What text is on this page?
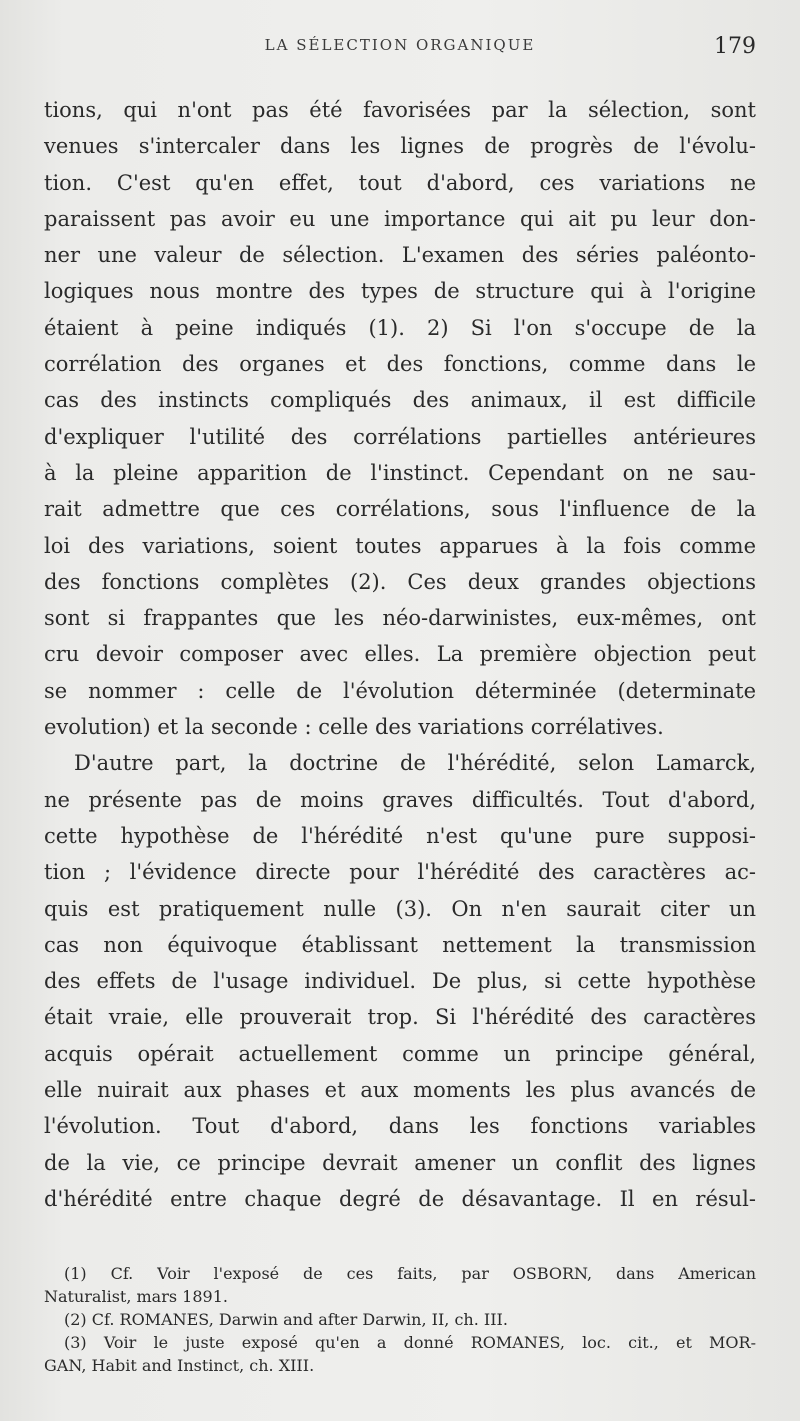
LA SÉLECTION ORGANIQUE	179
tions, qui n'ont pas été favorisées par la sélection, sont
venues s'intercaler dans les lignes de progrès de l'évolu-
tion. C'est qu'en effet, tout d'abord, ces variations ne
paraissent pas avoir eu une importance qui ait pu leur don-
ner une valeur de sélection. L'examen des séries paléonto-
logiques nous montre des types de structure qui à l'origine
étaient à peine indiqués (1). 2) Si l'on s'occupe de la
corrélation des organes et des fonctions, comme dans le
cas des instincts compliqués des animaux, il est difficile
d'expliquer l'utilité des corrélations partielles antérieures
à la pleine apparition de l'instinct. Cependant on ne sau-
rait admettre que ces corrélations, sous l'influence de la
loi des variations, soient toutes apparues à la fois comme
des fonctions complètes (2). Ces deux grandes objections
sont si frappantes que les néo-darwinistes, eux-mêmes, ont
cru devoir composer avec elles. La première objection peut
se nommer : celle de l'évolution déterminée (determinate
evolution) et la seconde : celle des variations corrélatives.
D'autre part, la doctrine de l'hérédité, selon Lamarck,
ne présente pas de moins graves difficultés. Tout d'abord,
cette hypothèse de l'hérédité n'est qu'une pure supposi-
tion ; l'évidence directe pour l'hérédité des caractères ac-
quis est pratiquement nulle (3). On n'en saurait citer un
cas non équivoque établissant nettement la transmission
des effets de l'usage individuel. De plus, si cette hypothèse
était vraie, elle prouverait trop. Si l'hérédité des caractères
acquis opérait actuellement comme un principe général,
elle nuirait aux phases et aux moments les plus avancés de
l'évolution. Tout d'abord, dans les fonctions variables
de la vie, ce principe devrait amener un conflit des lignes
d'hérédité entre chaque degré de désavantage. Il en résul-
(1) Cf. Voir l'exposé de ces faits, par OSBORN, dans American
Naturalist, mars 1891.
(2) Cf. ROMANES, Darwin and after Darwin, II, ch. III.
(3) Voir le juste exposé qu'en a donné ROMANES, loc. cit., et MOR-
GAN, Habit and Instinct, ch. XIII.
